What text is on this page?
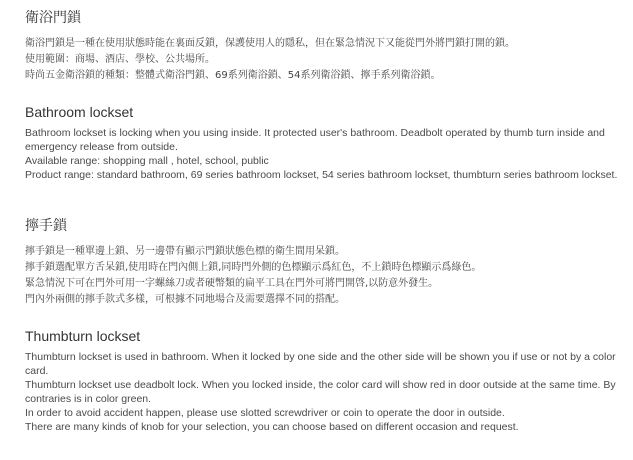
衛浴門鎖

衛浴門鎖是一種在使用狀態時能在裏面反鎖，保護使用人的隱私，但在緊急情況下又能從門外將門鎖打開的鎖。

使用範圍：商場、酒店、學校、公共場所。

時尚五金衛浴鎖的種類：整體式衛浴門鎖、69系列衛浴鎖、54系列衛浴鎖、擰手系列衛浴鎖。

Bathroom lockset

Bathroom lockset is locking when you using inside. It protected user's bathroom. Deadbolt operated by thumb turn inside and emergency release from outside.

Available range: shopping mall , hotel, school, public

Product range: standard bathroom, 69 series bathroom lockset, 54 series bathroom lockset, thumbturn series bathroom lockset.

擰手鎖

擰手鎖是一種單邊上鎖、另一邊帶有顯示門鎖狀態色標的衛生間用呆鎖。

擰手鎖選配單方舌呆鎖,使用時在門內側上鎖,同時門外側的色標顯示爲紅色，不上鎖時色標顯示爲綠色。

緊急情況下可在門外可用一字螺絲刀或者硬幣類的扁平工具在門外可將門開啓,以防意外發生。

門內外兩側的擰手款式多樣，可根據不同地場合及需要選擇不同的搭配。

Thumbturn lockset

Thumbturn lockset is used in bathroom. When it locked by one side and the other side will be shown you if use or not by a color card.

Thumbturn lockset use deadbolt lock. When you locked inside, the color card will show red in door outside at the same time. By contraries is in color green.

In order to avoid accident happen, please use slotted screwdriver or coin to operate the door in outside.

There are many kinds of knob for your selection, you can choose based on different occasion and request.
